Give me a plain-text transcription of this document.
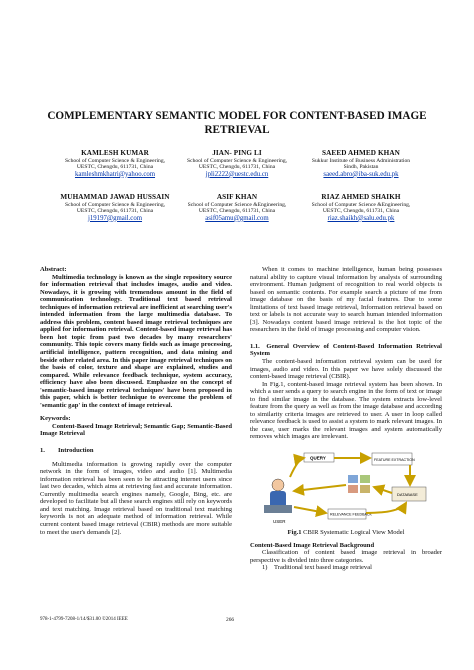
COMPLEMENTARY SEMANTIC MODEL FOR CONTENT-BASED IMAGE RETRIEVAL
KAMLESH KUMAR
School of Computer Science & Engineering,
UESTC, Chengdu, 611731, China
kamleshmkhatri@yahoo.com
JIAN- PING LI
School of Computer Science & Engineering,
UESTC, Chengdu, 611731, China
jpli2222@uestc.edu.cn
SAEED AHMED KHAN
Sukkur Institute of Business Administration
Sindh, Pakistan
saeed.abro@iba-suk.edu.pk
MUHAMMAD JAWAD HUSSAIN
School of Computer Science & Engineering,
UESTC, Chengdu, 611731, China
j19197@gmail.com
ASIF KHAN
School of Computer Science &Engineering,
UESTC, Chengdu, 611731, China
asif05amu@gmail.com
RIAZ AHMED SHAIKH
School of Computer Science &Engineering,
UESTC, Chengdu, 611731, China
riaz.shaikh@salu.edu.pk

Abstract:

Multimedia technology is known as the single repository source for information retrieval that includes images, audio and video. Nowadays, it is growing with tremendous amount in the field of communication technology. Traditional text based retrieval techniques of information retrieval are inefficient at searching user's intended information from the large multimedia database. To address this problem, content based image retrieval techniques are applied for information retrieval. Content-based image retrieval has been hot topic from past two decades by many researchers' community. This topic covers many fields such as image processing, artificial intelligence, pattern recognition, and data mining and beside other related area. In this paper image retrieval techniques on the basis of color, texture and shape are explained, studies and compared. While relevance feedback technique, system accuracy, efficiency have also been discussed. Emphasize on the concept of 'semantic-based image retrieval techniques' have been proposed in this paper, which is better technique to overcome the problem of 'semantic gap' in the context of image retrieval.

Keywords:

Content-Based Image Retrieval; Semantic Gap; Semantic-Based Image Retrieval

1.  Introduction

Multimedia information is growing rapidly over the computer network in the form of images, video and audio [1]. Multimedia information retrieval has been seen to be attracting internet users since last two decades, which aims at retrieving fast and accurate information. Currently multimedia search engines namely, Google, Bing, etc. are developed to facilitate but all these search engines still rely on keywords and text matching. Image retrieval based on traditional text matching keywords is not an adequate method of information retrieval. While current content based image retrieval (CBIR) methods are more suitable to meet the user's demands [2].

When it comes to machine intelligence, human being possesses natural ability to capture visual information by analysis of surrounding environment. Human judgment of recognition to real world objects is based on semantic contents. For example search a picture of me from image database on the basis of my facial features. Due to some limitations of text based image retrieval, Information retrieval based on text or labels is not accurate way to search human intended information [3]. Nowadays content based image retrieval is the hot topic of the researchers in the field of image processing and computer vision.

1.1. General Overview of Content-Based Information Retrieval System

The content-based information retrieval system can be used for images, audio and video. In this paper we have solely discussed the content-based image retrieval (CBIR).

In Fig.1, content-based image retrieval system has been shown. In which a user sends a query to search engine in the form of text or image to find similar image in the database. The system extracts low-level feature from the query as well as from the image database and according to similarity criteria images are retrieved to user. A user in loop called relevance feedback is used to assist a system to mark relevant images. In the case, user marks the relevant images and system automatically removes which images are irrelevant.

USER
QUERY	FEATURE EXTRACTION
DATABASE
RELEVANCE FEEDBACK

Fig.1 CBIR Systematic Logical View Model

Content-Based Image Retrieval Background

Classification of content based image retrieval in broader perspective is divided into three categories.

1) Traditional text based image retrieval

978-1-4799-7208-1/14/$31.00 ©2014 IEEE	266
